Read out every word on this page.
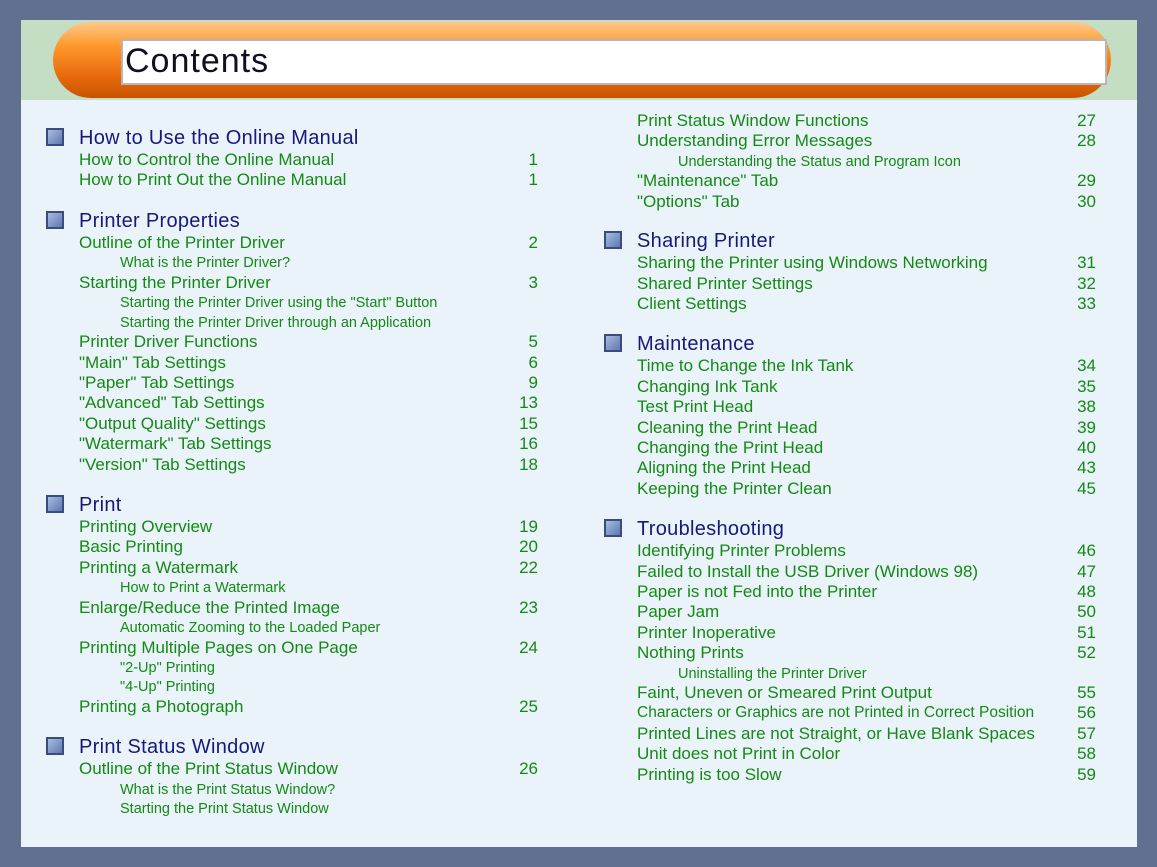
Contents
How to Use the Online Manual
How to Control the Online Manual	1
How to Print Out the Online Manual	1
Printer Properties
Outline of the Printer Driver	2
What is the Printer Driver?
Starting the Printer Driver	3
Starting the Printer Driver using the "Start" Button
Starting the Printer Driver through an Application
Printer Driver Functions	5
"Main" Tab Settings	6
"Paper" Tab Settings	9
"Advanced" Tab Settings	13
"Output Quality" Settings	15
"Watermark" Tab Settings	16
"Version" Tab Settings	18
Print
Printing Overview	19
Basic Printing	20
Printing a Watermark	22
How to Print a Watermark
Enlarge/Reduce the Printed Image	23
Automatic Zooming to the Loaded Paper
Printing Multiple Pages on One Page	24
"2-Up" Printing
"4-Up" Printing
Printing a Photograph	25
Print Status Window
Outline of the Print Status Window	26
What is the Print Status Window?
Starting the Print Status Window
Print Status Window Functions	27
Understanding Error Messages	28
Understanding the Status and Program Icon
"Maintenance" Tab	29
"Options" Tab	30
Sharing Printer
Sharing the Printer using Windows Networking	31
Shared Printer Settings	32
Client Settings	33
Maintenance
Time to Change the Ink Tank	34
Changing Ink Tank	35
Test Print Head	38
Cleaning the Print Head	39
Changing the Print Head	40
Aligning the Print Head	43
Keeping the Printer Clean	45
Troubleshooting
Identifying Printer Problems	46
Failed to Install the USB Driver (Windows 98)	47
Paper is not Fed into the Printer	48
Paper Jam	50
Printer Inoperative	51
Nothing Prints	52
Uninstalling the Printer Driver
Faint, Uneven or Smeared Print Output	55
Characters or Graphics are not Printed in Correct Position	56
Printed Lines are not Straight, or Have Blank Spaces	57
Unit does not Print in Color	58
Printing is too Slow	59
